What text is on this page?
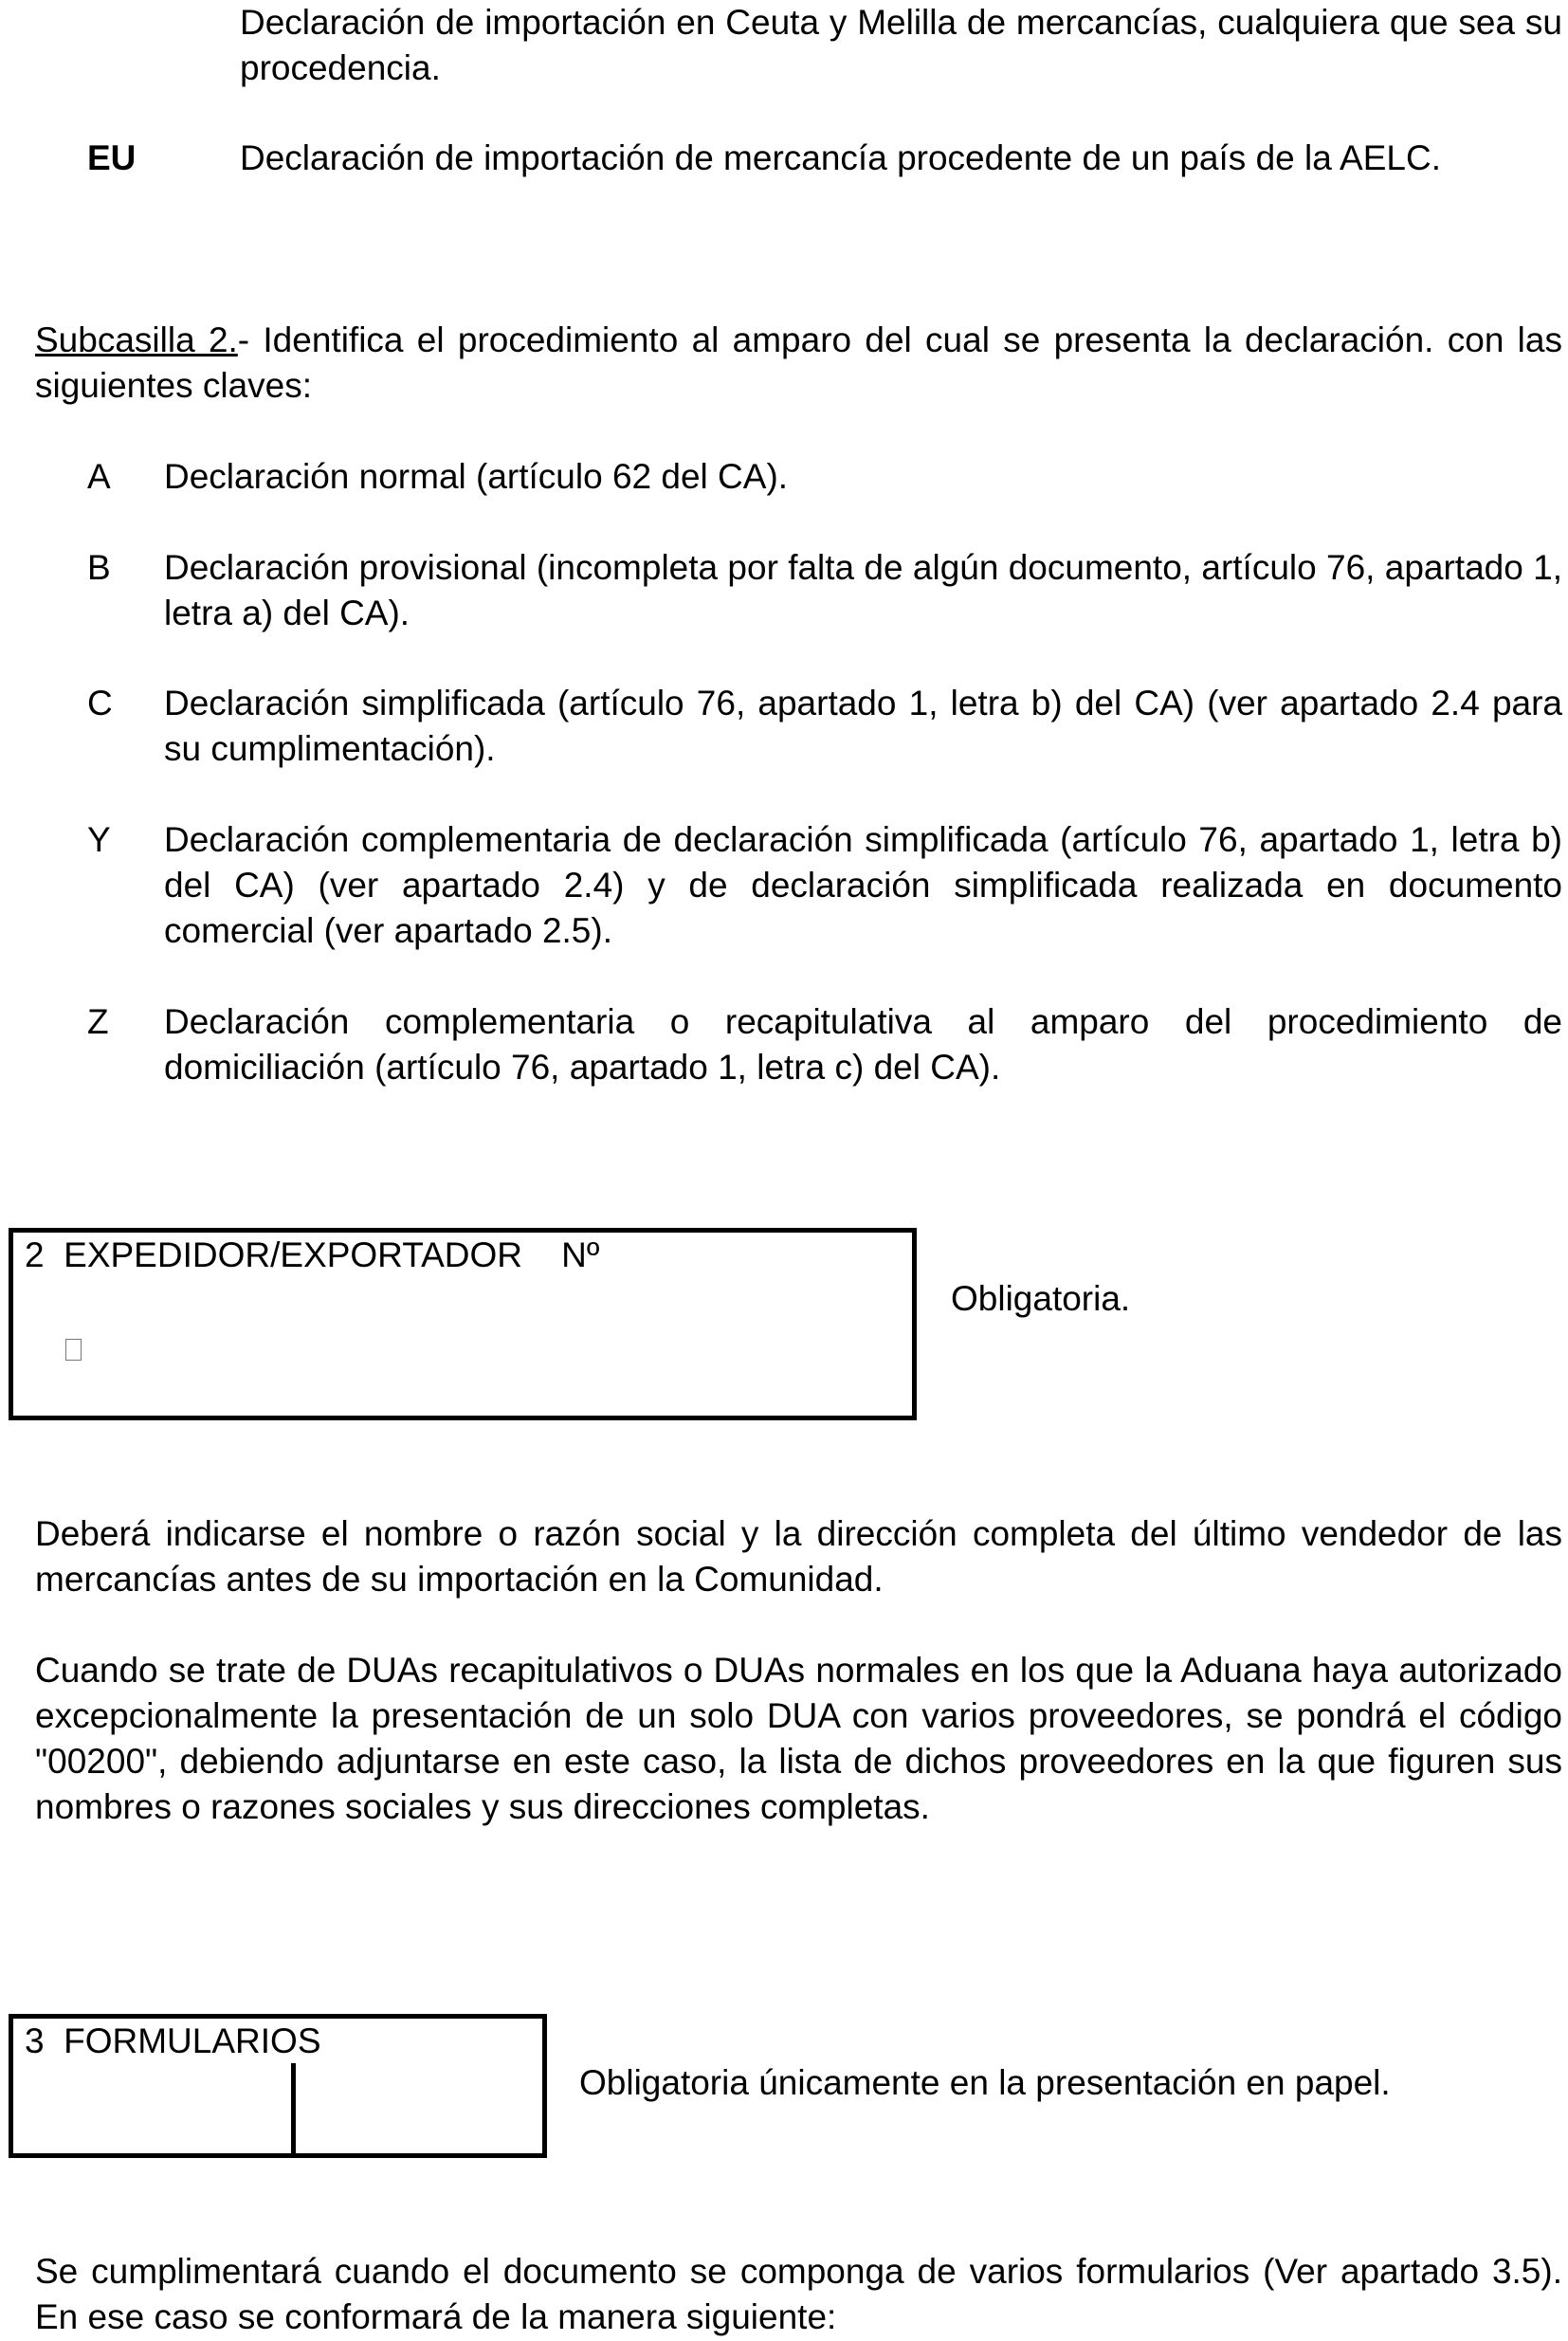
Declaración de importación en Ceuta y Melilla de mercancías, cualquiera que sea su procedencia.
EU	Declaración de importación de mercancía procedente de un país de la AELC.
Subcasilla 2.- Identifica el procedimiento al amparo del cual se presenta la declaración. con las siguientes claves:
A Declaración normal (artículo 62 del CA).
B Declaración provisional (incompleta por falta de algún documento, artículo 76, apartado 1, letra a) del CA).
C Declaración simplificada (artículo 76, apartado 1, letra b) del CA) (ver apartado 2.4 para su cumplimentación).
Y Declaración complementaria de declaración simplificada (artículo 76, apartado 1, letra b) del CA) (ver apartado 2.4) y de declaración simplificada realizada en documento comercial (ver apartado 2.5).
Z Declaración complementaria o recapitulativa al amparo del procedimiento de domiciliación (artículo 76, apartado 1, letra c) del CA).
2  EXPEDIDOR/EXPORTADOR    Nº
Obligatoria.
Deberá indicarse el nombre o razón social y la dirección completa del último vendedor de las mercancías antes de su importación en la Comunidad.
Cuando se trate de DUAs recapitulativos o DUAs normales en los que la Aduana haya autorizado excepcionalmente la presentación de un solo DUA con varios proveedores, se pondrá el código "00200", debiendo adjuntarse en este caso, la lista de dichos proveedores en la que figuren sus nombres o razones sociales y sus direcciones completas.
3  FORMULARIOS
Obligatoria únicamente en la presentación en papel.
Se cumplimentará cuando el documento se componga de varios formularios (Ver apartado 3.5). En ese caso se conformará de la manera siguiente:
